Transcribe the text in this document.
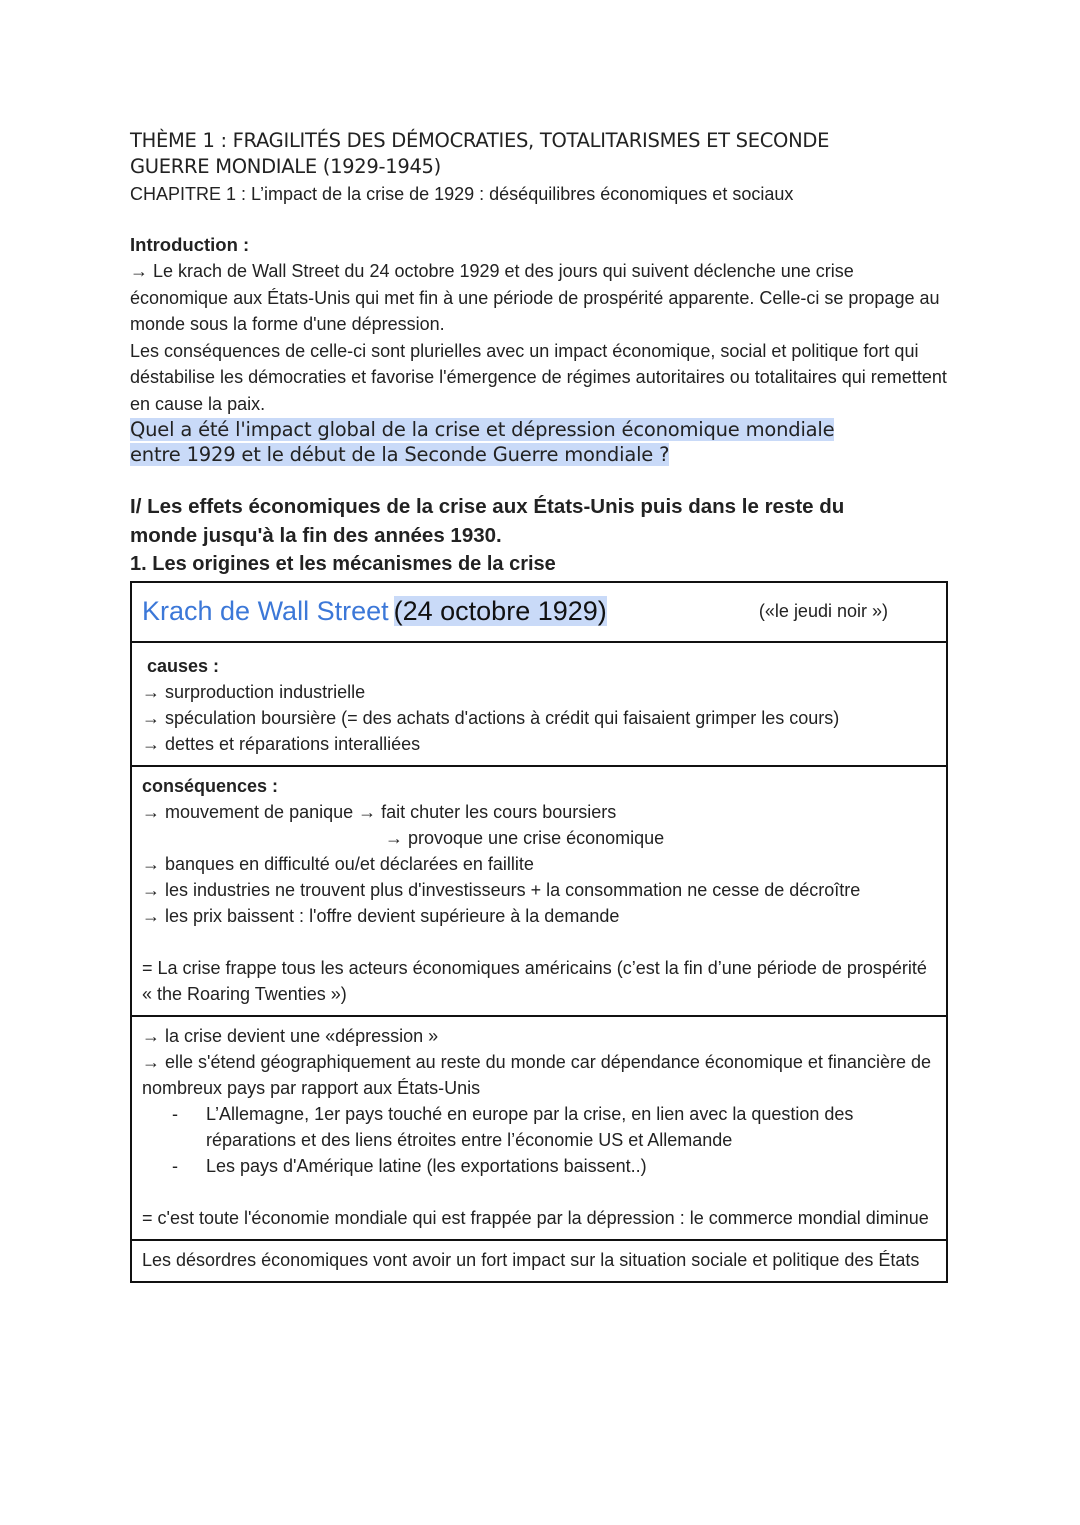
THÈME 1 : FRAGILITÉS DES DÉMOCRATIES, TOTALITARISMES ET SECONDE
GUERRE MONDIALE (1929-1945)
CHAPITRE 1 : L’impact de la crise de 1929 : déséquilibres économiques et sociaux
Introduction :
→ Le krach de Wall Street du 24 octobre 1929 et des jours qui suivent déclenche une crise économique aux États-Unis qui met fin à une période de prospérité apparente. Celle-ci se propage au monde sous la forme d'une dépression.
Les conséquences de celle-ci sont plurielles avec un impact économique, social et politique fort qui déstabilise les démocraties et favorise l'émergence de régimes autoritaires ou totalitaires qui remettent en cause la paix.
Quel a été l'impact global de la crise et dépression économique mondiale
entre 1929 et le début de la Seconde Guerre mondiale ?
I/ Les effets économiques de la crise aux États-Unis puis dans le reste du
monde jusqu'à la fin des années 1930.
1. Les origines et les mécanismes de la crise
(«le jeudi noir »)
Krach de Wall Street (24 octobre 1929)

causes :
→ surproduction industrielle
→ spéculation boursière (= des achats d'actions à crédit qui faisaient grimper les cours)
→ dettes et réparations interalliées

conséquences :
→ mouvement de panique → fait chuter les cours boursiers
→ provoque une crise économique
→ banques en difficulté ou/et déclarées en faillite
→ les industries ne trouvent plus d'investisseurs + la consommation ne cesse de décroître
→ les prix baissent : l'offre devient supérieure à la demande
= La crise frappe tous les acteurs économiques américains (c’est la fin d’une période de prospérité « the Roaring Twenties »)

→ la crise devient une «dépression »
→ elle s'étend géographiquement au reste du monde car dépendance économique et financière de nombreux pays par rapport aux États-Unis
- L’Allemagne, 1er pays touché en europe par la crise, en lien avec la question des réparations et des liens étroites entre l’économie US et Allemande
- Les pays d'Amérique latine (les exportations baissent..)
= c'est toute l'économie mondiale qui est frappée par la dépression : le commerce mondial diminue

Les désordres économiques vont avoir un fort impact sur la situation sociale et politique des États
